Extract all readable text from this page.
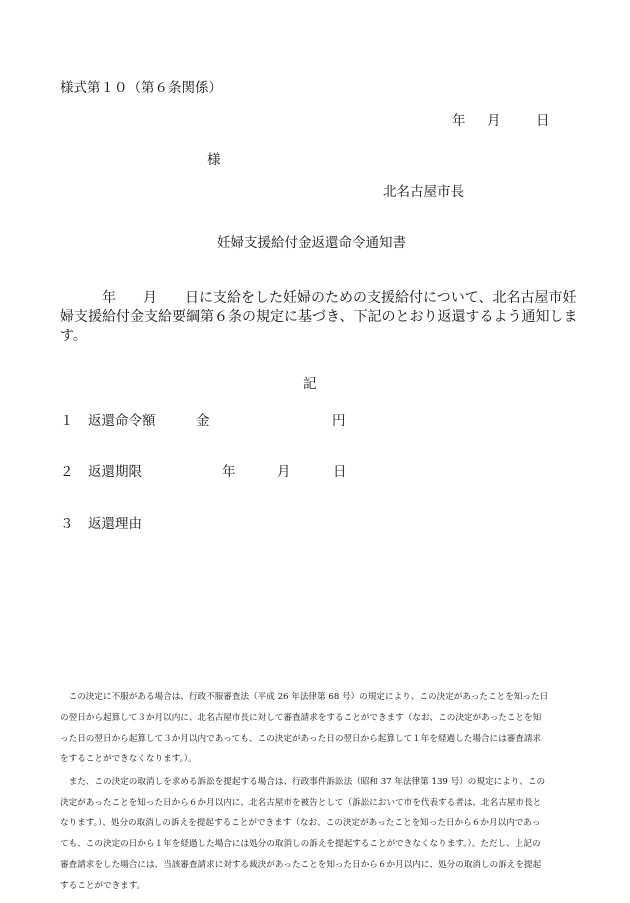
様式第１０（第６条関係）
年 月	日
様
北名古屋市長
妊婦支援給付金返還命令通知書
年 月 日に支給をした妊婦のための支援給付について、北名古屋市妊
婦支援給付金支給要綱第６条の規定に基づき、下記のとおり返還するよう通知しま
す。
記
１ 返還命令額	金	円
２ 返還期限	年	月	日
３ 返還理由
　この決定に不服がある場合は、行政不服審査法（平成 26 年法律第 68 号）の規定により、この決定があったことを知った日
の翌日から起算して３か月以内に、北名古屋市長に対して審査請求をすることができます（なお、この決定があったことを知
った日の翌日から起算して３か月以内であっても、この決定があった日の翌日から起算して１年を経過した場合には審査請求
をすることができなくなります。）。
　また、この決定の取消しを求める訴訟を提起する場合は、行政事件訴訟法（昭和 37 年法律第 139 号）の規定により、この
決定があったことを知った日から６か月以内に、北名古屋市を被告として（訴訟において市を代表する者は、北名古屋市長と
なります。）、処分の取消しの訴えを提起することができます（なお、この決定があったことを知った日から６か月以内であっ
ても、この決定の日から１年を経過した場合には処分の取消しの訴えを提起することができなくなります。）。ただし、上記の
審査請求をした場合には、当該審査請求に対する裁決があったことを知った日から６か月以内に、処分の取消しの訴えを提起
することができます。
